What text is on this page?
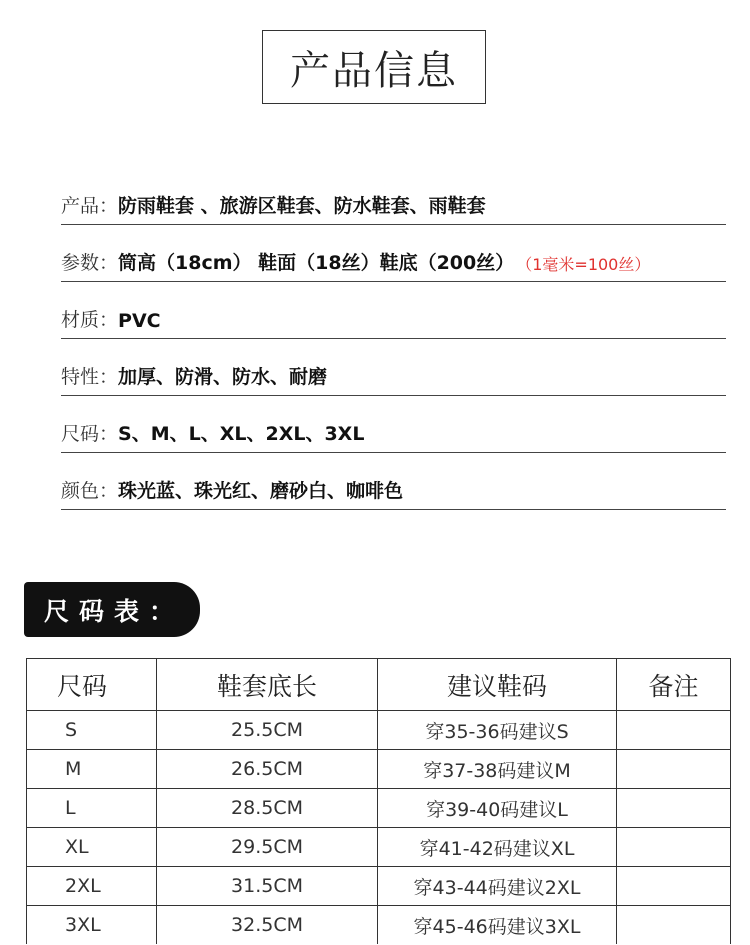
产品信息
产品： 防雨鞋套 、旅游区鞋套、防水鞋套、雨鞋套
参数： 筒高（18cm） 鞋面（18丝）鞋底（200丝） （1毫米=100丝）
材质： PVC
特性： 加厚、防滑、防水、耐磨
尺码： S、M、L、XL、2XL、3XL
颜色： 珠光蓝、珠光红、磨砂白、咖啡色
尺码表：
尺码	鞋套底长	建议鞋码	备注
S	25.5CM	穿35-36码建议S	
M	26.5CM	穿37-38码建议M	
L	28.5CM	穿39-40码建议L	
XL	29.5CM	穿41-42码建议XL	
2XL	31.5CM	穿43-44码建议2XL	
3XL	32.5CM	穿45-46码建议3XL	
